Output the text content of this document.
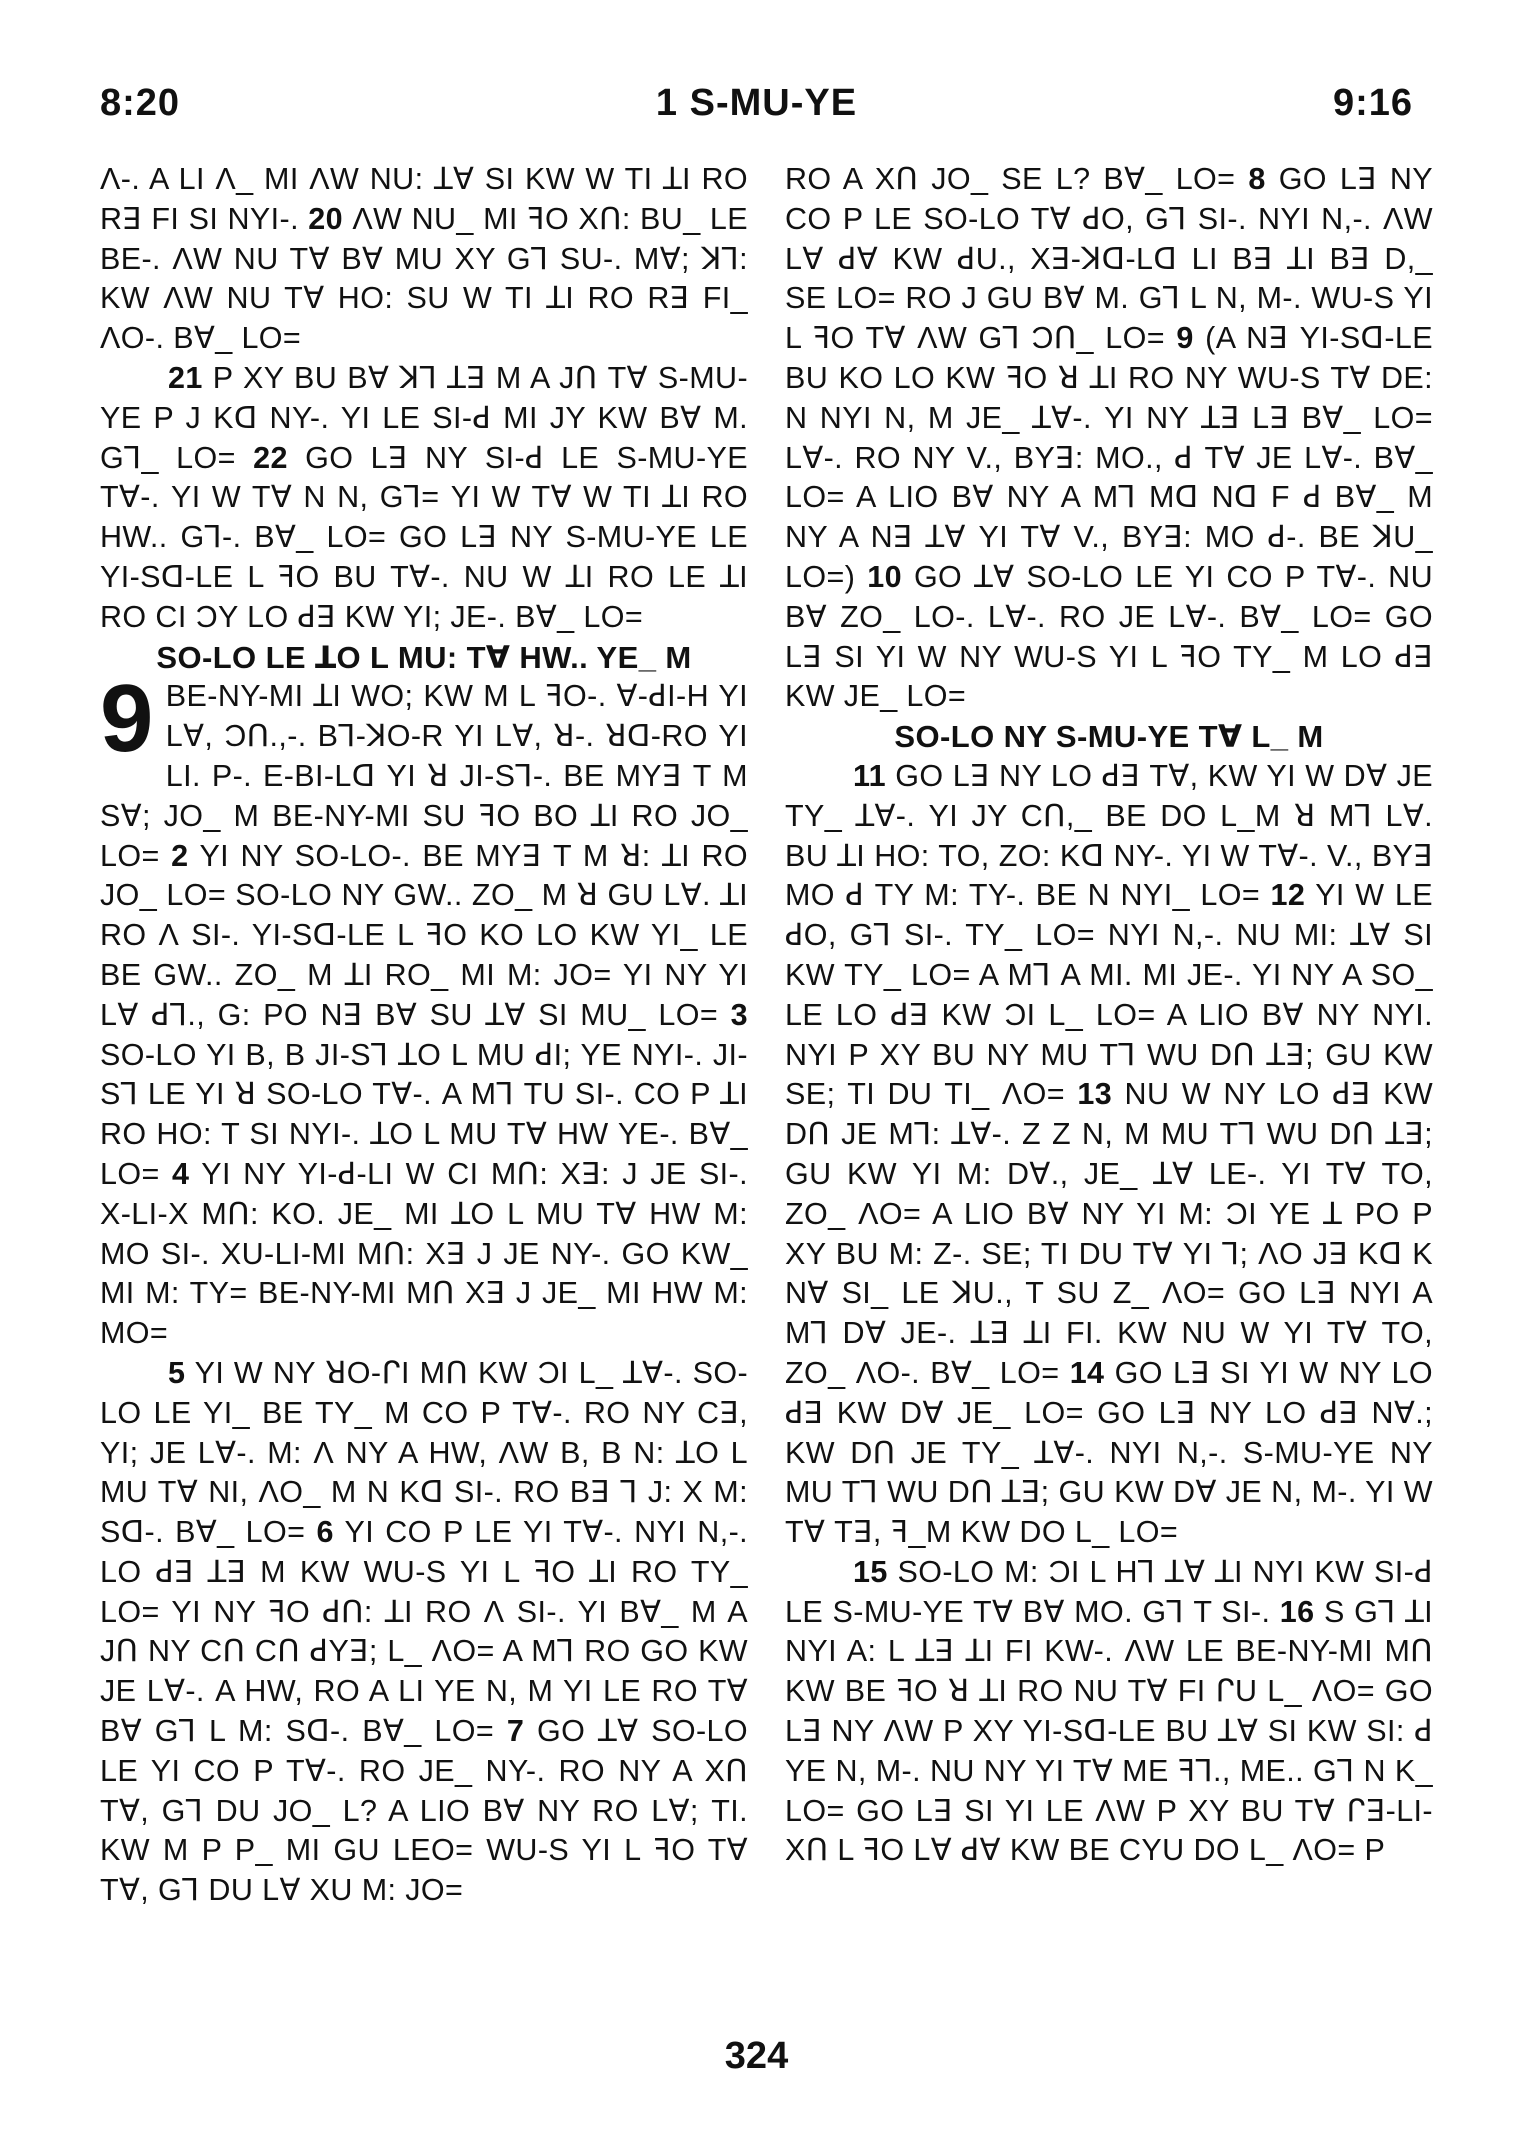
8:20	1 S-MU-YE	9:16

Ʌ-. A LI Ʌ_ MI ɅW NU: ꓕꓯ SI KW W TI ꓕI RO Rꓱ FI SI NYI-. 20 ɅW NU_ MI ꟻO XՈ: BU_ LE BE-. ɅW NU Tꓯ Bꓯ MU XY Gꓶ SU-. Mꓯ; ꓘꓶ: KW ɅW NU Tꓯ HO: SU W TI ꓕI RO Rꓱ FI_ ɅO-. Bꓯ_ LO=

21 P XY BU Bꓯ ꓘꓶ ꓕꓱ M A JՈ Tꓯ S-MU-YE P J Kꓷ NY-. YI LE SI-ꓒ MI JY KW Bꓯ M. Gꓶ_ LO= 22 GO Lꓱ NY SI-ꓒ LE S-MU-YE Tꓯ-. YI W Tꓯ N N, Gꓶ= YI W Tꓯ W TI ꓕI RO HW.. Gꓶ-. Bꓯ_ LO= GO Lꓱ NY S-MU-YE LE YI-Sꓷ-LE L ꟻO BU Tꓯ-. NU W ꓕI RO LE ꓕI RO CI ƆY LO ꓒꓱ KW YI; JE-. Bꓯ_ LO=

SO-LO LE ꓕO L MU: Tꓯ HW.. YE_ M

9 BE-NY-MI ꓕI WO; KW M L ꟻO-. ꓯ-ꓒI-H YI Lꓯ, ƆՈ.,-. Bꓶ-ꓘO-R YI Lꓯ, ꓤ-. ꓤꓷ-RO YI LI. P-. E-BI-Lꓷ YI ꓤ JI-Sꓶ-. BE MYꓱ T M Sꓯ; JO_ M BE-NY-MI SU ꟻO BO ꓕI RO JO_ LO= 2 YI NY SO-LO-. BE MYꓱ T M ꓤ: ꓕI RO JO_ LO= SO-LO NY GW.. ZO_ M ꓤ GU Lꓯ. ꓕI RO Ʌ SI-. YI-Sꓷ-LE L ꟻO KO LO KW YI_ LE BE GW.. ZO_ M ꓕI RO_ MI M: JO= YI NY YI Lꓯ ꓒꓶ., G: PO Nꓱ Bꓯ SU ꓕꓯ SI MU_ LO= 3 SO-LO YI B, B JI-Sꓶ ꓕO L MU ꓒI; YE NYI-. JI-Sꓶ LE YI ꓤ SO-LO Tꓯ-. A Mꓶ TU SI-. CO P ꓕI RO HO: T SI NYI-. ꓕO L MU Tꓯ HW YE-. Bꓯ_ LO= 4 YI NY YI-ꓒ-LI W CI MՈ: Xꓱ: J JE SI-. X-LI-X MՈ: KO. JE_ MI ꓕO L MU Tꓯ HW M: MO SI-. XU-LI-MI MՈ: Xꓱ J JE NY-. GO KW_ MI M: TY= BE-NY-MI MՈ Xꓱ J JE_ MI HW M: MO=

5 YI W NY ꓤO-ᒋI MՈ KW ƆI L_ ꓕꓯ-. SO-LO LE YI_ BE TY_ M CO P Tꓯ-. RO NY Cꓱ, YI; JE Lꓯ-. M: Ʌ NY A HW, ɅW B, B N: ꓕO L MU Tꓯ NI, ɅO_ M N Kꓷ SI-. RO Bꓱ ꓶ J: X M: Sꓷ-. Bꓯ_ LO= 6 YI CO P LE YI Tꓯ-. NYI N,-. LO ꓒꓱ ꓕꓱ M KW WU-S YI L ꟻO ꓕI RO TY_ LO= YI NY ꟻO ꓒՈ: ꓕI RO Ʌ SI-. YI Bꓯ_ M A JՈ NY CՈ CՈ ꓒYꓱ; L_ ɅO= A Mꓶ RO GO KW JE Lꓯ-. A HW, RO A LI YE N, M YI LE RO Tꓯ Bꓯ Gꓶ L M: Sꓷ-. Bꓯ_ LO= 7 GO ꓕꓯ SO-LO LE YI CO P Tꓯ-. RO JE_ NY-. RO NY A XՈ Tꓯ, Gꓶ DU JO_ L? A LIO Bꓯ NY RO Lꓯ; TI. KW M P P_ MI GU LEO= WU-S YI L ꟻO Tꓯ Tꓯ, Gꓶ DU Lꓯ XU M: JO=

RO A XՈ JO_ SE L? Bꓯ_ LO= 8 GO Lꓱ NY CO P LE SO-LO Tꓯ ꓒO, Gꓶ SI-. NYI N,-. ɅW Lꓯ ꓒꓯ KW ꓒU., Xꓱ-ꓘꓷ-Lꓷ LI Bꓱ ꓕI Bꓱ D,_ SE LO= RO J GU Bꓯ M. Gꓶ L N, M-. WU-S YI L ꟻO Tꓯ ɅW Gꓶ ƆՈ_ LO= 9 (A Nꓱ YI-Sꓷ-LE BU KO LO KW ꟻO ꓤ ꓕI RO NY WU-S Tꓯ DE: N NYI N, M JE_ ꓕꓯ-. YI NY ꓕꓱ Lꓱ Bꓯ_ LO= Lꓯ-. RO NY V., BYꓱ: MO., ꓒ Tꓯ JE Lꓯ-. Bꓯ_ LO= A LIO Bꓯ NY A Mꓶ Mꓷ Nꓷ F ꓒ Bꓯ_ M NY A Nꓱ ꓕꓯ YI Tꓯ V., BYꓱ: MO ꓒ-. BE ꓘU_ LO=) 10 GO ꓕꓯ SO-LO LE YI CO P Tꓯ-. NU Bꓯ ZO_ LO-. Lꓯ-. RO JE Lꓯ-. Bꓯ_ LO= GO Lꓱ SI YI W NY WU-S YI L ꟻO TY_ M LO ꓒꓱ KW JE_ LO=

SO-LO NY S-MU-YE Tꓯ L_ M

11 GO Lꓱ NY LO ꓒꓱ Tꓯ, KW YI W Dꓯ JE TY_ ꓕꓯ-. YI JY CՈ,_ BE DO L_M ꓤ Mꓶ Lꓯ. BU ꓕI HO: TO, ZO: Kꓷ NY-. YI W Tꓯ-. V., BYꓱ MO ꓒ TY M: TY-. BE N NYI_ LO= 12 YI W LE ꓒO, Gꓶ SI-. TY_ LO= NYI N,-. NU MI: ꓕꓯ SI KW TY_ LO= A Mꓶ A MI. MI JE-. YI NY A SO_ LE LO ꓒꓱ KW ƆI L_ LO= A LIO Bꓯ NY NYI. NYI P XY BU NY MU Tꓶ WU DՈ ꓕꓱ; GU KW SE; TI DU TI_ ɅO= 13 NU W NY LO ꓒꓱ KW DՈ JE Mꓶ: ꓕꓯ-. Z Z N, M MU Tꓶ WU DՈ ꓕꓱ; GU KW YI M: Dꓯ., JE_ ꓕꓯ LE-. YI Tꓯ TO, ZO_ ɅO= A LIO Bꓯ NY YI M: ƆI YE ꓕ PO P XY BU M: Z-. SE; TI DU Tꓯ YI ꓶ; ɅO Jꓱ Kꓷ K Nꓯ SI_ LE ꓘU., T SU Z_ ɅO= GO Lꓱ NYI A Mꓶ Dꓯ JE-. ꓕꓱ ꓕI FI. KW NU W YI Tꓯ TO, ZO_ ɅO-. Bꓯ_ LO= 14 GO Lꓱ SI YI W NY LO ꓒꓱ KW Dꓯ JE_ LO= GO Lꓱ NY LO ꓒꓱ Nꓯ.; KW DՈ JE TY_ ꓕꓯ-. NYI N,-. S-MU-YE NY MU Tꓶ WU DՈ ꓕꓱ; GU KW Dꓯ JE N, M-. YI W Tꓯ Tꓱ, ꟻ_M KW DO L_ LO=

15 SO-LO M: ƆI L Hꓶ ꓕꓯ ꓕI NYI KW SI-ꓒ LE S-MU-YE Tꓯ Bꓯ MO. Gꓶ T SI-. 16 S Gꓶ ꓕI NYI A: L ꓕꓱ ꓕI FI KW-. ɅW LE BE-NY-MI MՈ KW BE ꟻO ꓤ ꓕI RO NU Tꓯ FI ᒋU L_ ɅO= GO Lꓱ NY ɅW P XY YI-Sꓷ-LE BU ꓕꓯ SI KW SI: ꓒ YE N, M-. NU NY YI Tꓯ ME ꟻꓶ., ME.. Gꓶ N K_ LO= GO Lꓱ SI YI LE ɅW P XY BU Tꓯ ᒋꓱ-LI-XՈ L ꟻO Lꓯ ꓒꓯ KW BE CYU DO L_ ɅO= P

324
